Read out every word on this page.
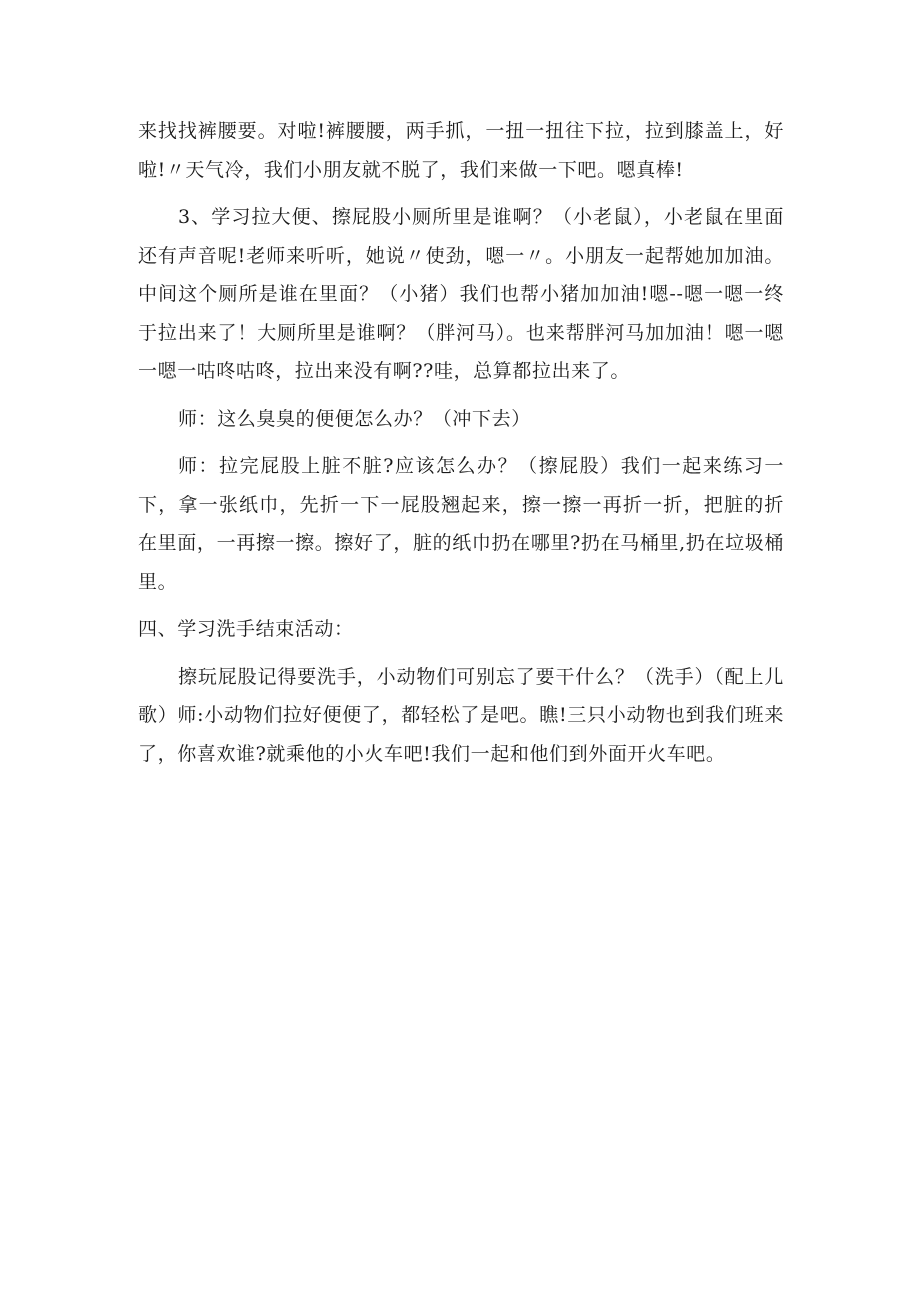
来找找裤腰要。对啦!裤腰腰，两手抓，一扭一扭往下拉，拉到膝盖上，好啦!〃天气冷，我们小朋友就不脱了，我们来做一下吧。嗯真棒!

3、学习拉大便、擦屁股小厕所里是谁啊？（小老鼠），小老鼠在里面还有声音呢!老师来听听，她说〃使劲，嗯一〃。小朋友一起帮她加加油。中间这个厕所是谁在里面？（小猪）我们也帮小猪加加油!嗯--嗯一嗯一终于拉出来了！大厕所里是谁啊？（胖河马）。也来帮胖河马加加油！嗯一嗯一嗯一咕咚咕咚，拉出来没有啊??哇，总算都拉出来了。

师：这么臭臭的便便怎么办？（冲下去）

师：拉完屁股上脏不脏?应该怎么办？（擦屁股）我们一起来练习一下，拿一张纸巾，先折一下一屁股翘起来，擦一擦一再折一折，把脏的折在里面，一再擦一擦。擦好了，脏的纸巾扔在哪里?扔在马桶里,扔在垃圾桶里。

四、学习洗手结束活动：

擦玩屁股记得要洗手，小动物们可别忘了要干什么？（洗手）（配上儿歌）师:小动物们拉好便便了，都轻松了是吧。瞧!三只小动物也到我们班来了，你喜欢谁?就乘他的小火车吧!我们一起和他们到外面开火车吧。
